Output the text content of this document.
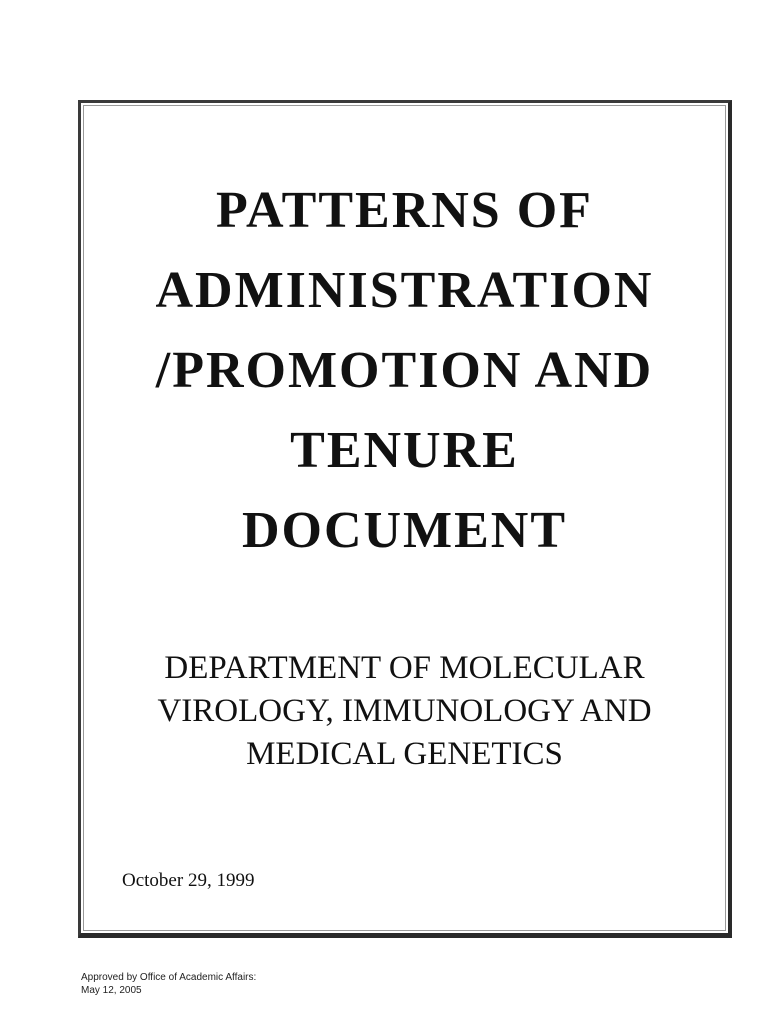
PATTERNS OF
ADMINISTRATION
/PROMOTION AND
TENURE
DOCUMENT
DEPARTMENT OF MOLECULAR
VIROLOGY, IMMUNOLOGY AND
MEDICAL GENETICS
October 29, 1999
Approved by Office of Academic Affairs:
May 12, 2005
